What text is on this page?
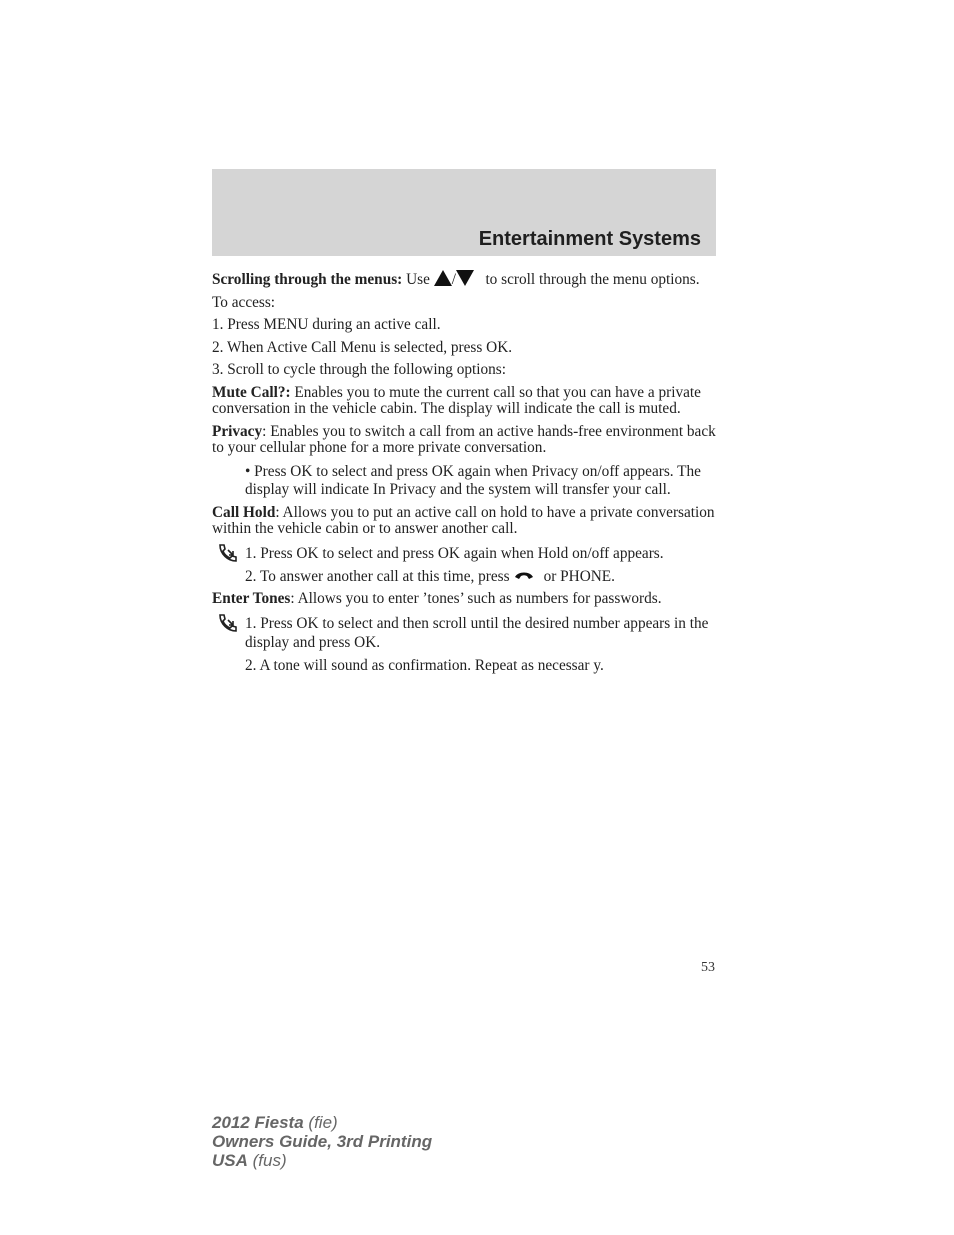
Entertainment Systems

Scrolling through the menus: Use / to scroll through the menu options.

To access:

1. Press MENU during an active call.

2. When Active Call Menu is selected, press OK.

3. Scroll to cycle through the following options:

Mute Call?: Enables you to mute the current call so that you can have a private conversation in the vehicle cabin. The display will indicate the call is muted.

Privacy: Enables you to switch a call from an active hands-free environment back to your cellular phone for a more private conversation.

• Press OK to select and press OK again when Privacy on/off appears. The display will indicate In Privacy and the system will transfer your call.

Call Hold: Allows you to put an active call on hold to have a private conversation within the vehicle cabin or to answer another call.

1. Press OK to select and press OK again when Hold on/off appears.

2. To answer another call at this time, press or PHONE.

Enter Tones: Allows you to enter ’tones’ such as numbers for passwords.

1. Press OK to select and then scroll until the desired number appears in the display and press OK.

2. A tone will sound as confirmation. Repeat as necessar y.

53
2012 Fiesta (fie)
Owners Guide, 3rd Printing
USA (fus)
